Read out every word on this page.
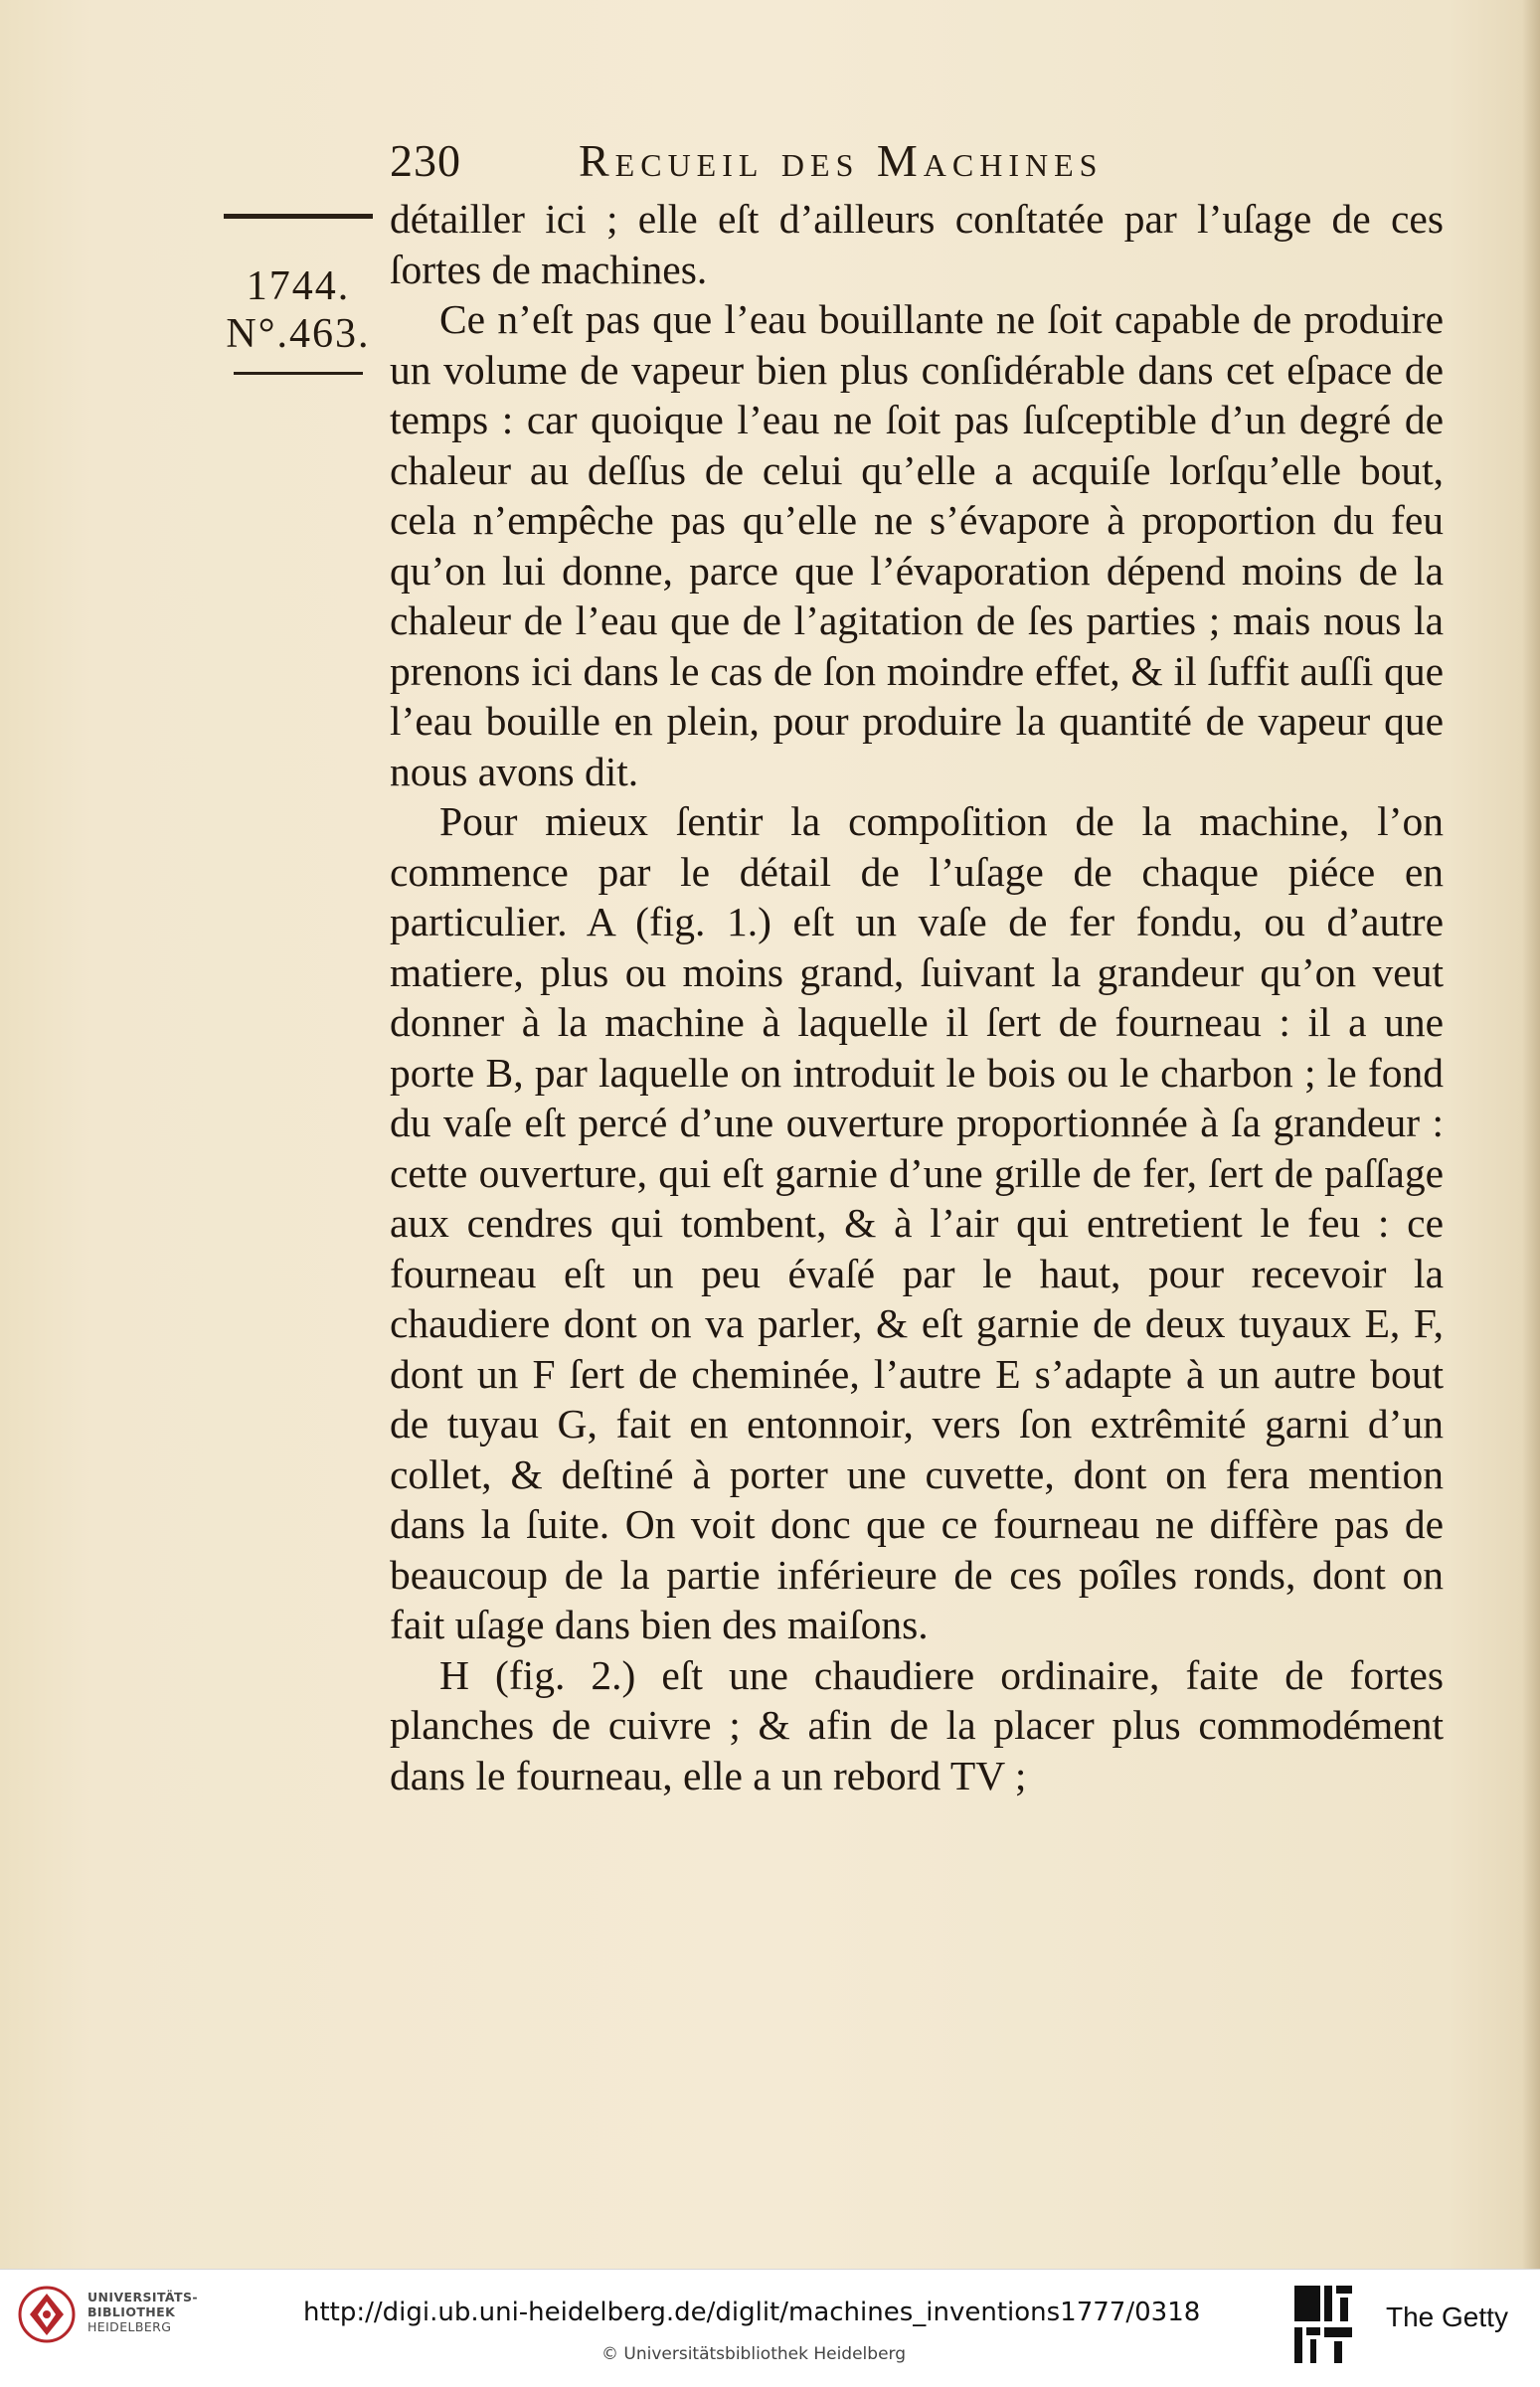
230	Recueil des Machines
1744.
N°.463.

détailler ici ; elle eſt d’ailleurs conſtatée par l’uſage de ces ſortes de machines.

Ce n’eſt pas que l’eau bouillante ne ſoit capable de produire un volume de vapeur bien plus conſidérable dans cet eſpace de temps : car quoique l’eau ne ſoit pas ſuſceptible d’un degré de chaleur au deſſus de celui qu’elle a acquiſe lorſqu’elle bout, cela n’empêche pas qu’elle ne s’évapore à proportion du feu qu’on lui donne, parce que l’évaporation dépend moins de la chaleur de l’eau que de l’agitation de ſes parties ; mais nous la prenons ici dans le cas de ſon moindre effet, & il ſuffit auſſi que l’eau bouille en plein, pour produire la quantité de vapeur que nous avons dit.

Pour mieux ſentir la compoſition de la machine, l’on commence par le détail de l’uſage de chaque piéce en particulier. A (fig. 1.) eſt un vaſe de fer fondu, ou d’autre matiere, plus ou moins grand, ſuivant la grandeur qu’on veut donner à la machine à laquelle il ſert de fourneau : il a une porte B, par laquelle on introduit le bois ou le charbon ; le fond du vaſe eſt percé d’une ouverture proportionnée à ſa grandeur : cette ouverture, qui eſt garnie d’une grille de fer, ſert de paſſage aux cendres qui tombent, & à l’air qui entretient le feu : ce fourneau eſt un peu évaſé par le haut, pour recevoir la chaudiere dont on va parler, & eſt garnie de deux tuyaux E, F, dont un F ſert de cheminée, l’autre E s’adapte à un autre bout de tuyau G, fait en entonnoir, vers ſon extrêmité garni d’un collet, & deſtiné à porter une cuvette, dont on fera mention dans la ſuite. On voit donc que ce fourneau ne diffère pas de beaucoup de la partie inférieure de ces poîles ronds, dont on fait uſage dans bien des maiſons.

H (fig. 2.) eſt une chaudiere ordinaire, faite de fortes planches de cuivre ; & afin de la placer plus commodément dans le fourneau, elle a un rebord TV ;

UNIVERSITÄTS-
BIBLIOTHEK
HEIDELBERG	http://digi.ub.uni-heidelberg.de/diglit/machines_inventions1777/0318
© Universitätsbibliothek Heidelberg
The Getty
